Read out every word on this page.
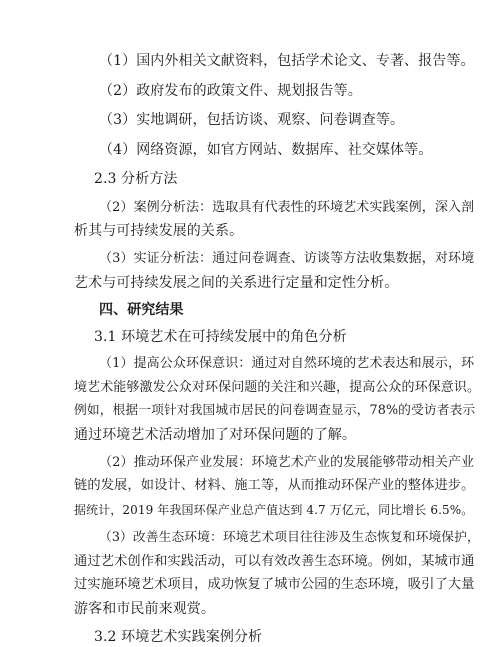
（1）国内外相关文献资料，包括学术论文、专著、报告等。
（2）政府发布的政策文件、规划报告等。
（3）实地调研，包括访谈、观察、问卷调查等。
（4）网络资源，如官方网站、数据库、社交媒体等。
2.3 分析方法
（2）案例分析法：选取具有代表性的环境艺术实践案例，深入剖
析其与可持续发展的关系。
（3）实证分析法：通过问卷调查、访谈等方法收集数据，对环境
艺术与可持续发展之间的关系进行定量和定性分析。
四、研究结果
3.1 环境艺术在可持续发展中的角色分析
（1）提高公众环保意识：通过对自然环境的艺术表达和展示，环
境艺术能够激发公众对环保问题的关注和兴趣，提高公众的环保意识。
例如，根据一项针对我国城市居民的问卷调查显示，78%的受访者表示
通过环境艺术活动增加了对环保问题的了解。
（2）推动环保产业发展：环境艺术产业的发展能够带动相关产业
链的发展，如设计、材料、施工等，从而推动环保产业的整体进步。
据统计，2019 年我国环保产业总产值达到 4.7 万亿元，同比增长 6.5%。
（3）改善生态环境：环境艺术项目往往涉及生态恢复和环境保护，
通过艺术创作和实践活动，可以有效改善生态环境。例如，某城市通
过实施环境艺术项目，成功恢复了城市公园的生态环境，吸引了大量
游客和市民前来观赏。
3.2 环境艺术实践案例分析
